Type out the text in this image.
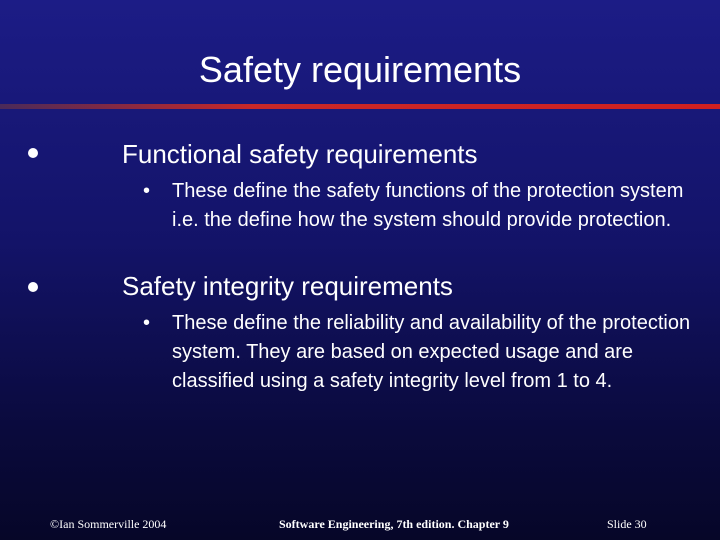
Safety requirements
Functional safety requirements
• These define the safety functions of the protection system i.e. the define how the system should provide protection.
Safety integrity requirements
• These define the reliability and availability of the protection system. They are based on expected usage and are classified using a safety integrity level from 1 to 4.
©Ian Sommerville 2004	Software Engineering, 7th edition. Chapter 9	Slide 30
